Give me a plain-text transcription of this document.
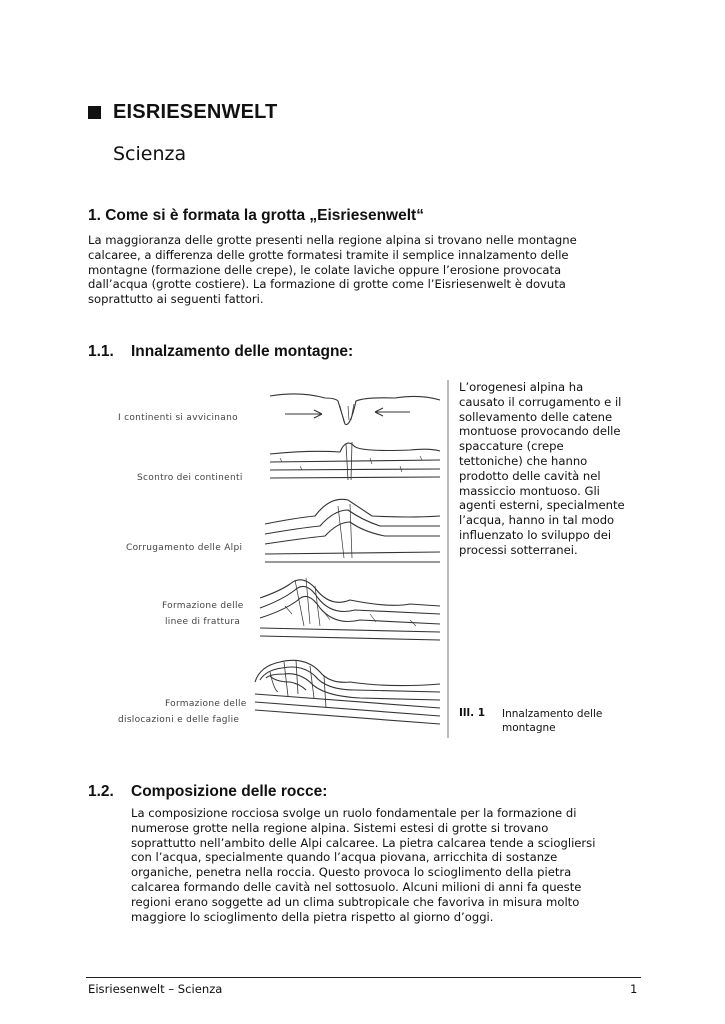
EISRIESENWELT
Scienza
1. Come si è formata la grotta „Eisriesenwelt“
La maggioranza delle grotte presenti nella regione alpina si trovano nelle montagne
calcaree, a differenza delle grotte formatesi tramite il semplice innalzamento delle
montagne (formazione delle crepe), le colate laviche oppure l’erosione provocata
dall’acqua (grotte costiere). La formazione di grotte come l’Eisriesenwelt è dovuta
soprattutto ai seguenti fattori.
1.1. Innalzamento delle montagne:
I continenti si avvicinano
Scontro dei continenti
Corrugamento delle Alpi
Formazione delle
linee di frattura
Formazione delle
dislocazioni e delle faglie
L’orogenesi alpina ha
causato il corrugamento e il
sollevamento delle catene
montuose provocando delle
spaccature (crepe
tettoniche) che hanno
prodotto delle cavità nel
massiccio montuoso. Gli
agenti esterni, specialmente
l’acqua, hanno in tal modo
influenzato lo sviluppo dei
processi sotterranei.
Ill. 1 Innalzamento delle
montagne
1.2. Composizione delle rocce:
La composizione rocciosa svolge un ruolo fondamentale per la formazione di
numerose grotte nella regione alpina. Sistemi estesi di grotte si trovano
soprattutto nell’ambito delle Alpi calcaree. La pietra calcarea tende a sciogliersi
con l’acqua, specialmente quando l’acqua piovana, arricchita di sostanze
organiche, penetra nella roccia. Questo provoca lo scioglimento della pietra
calcarea formando delle cavità nel sottosuolo. Alcuni milioni di anni fa queste
regioni erano soggette ad un clima subtropicale che favoriva in misura molto
maggiore lo scioglimento della pietra rispetto al giorno d’oggi.
Eisriesenwelt – Scienza	1
